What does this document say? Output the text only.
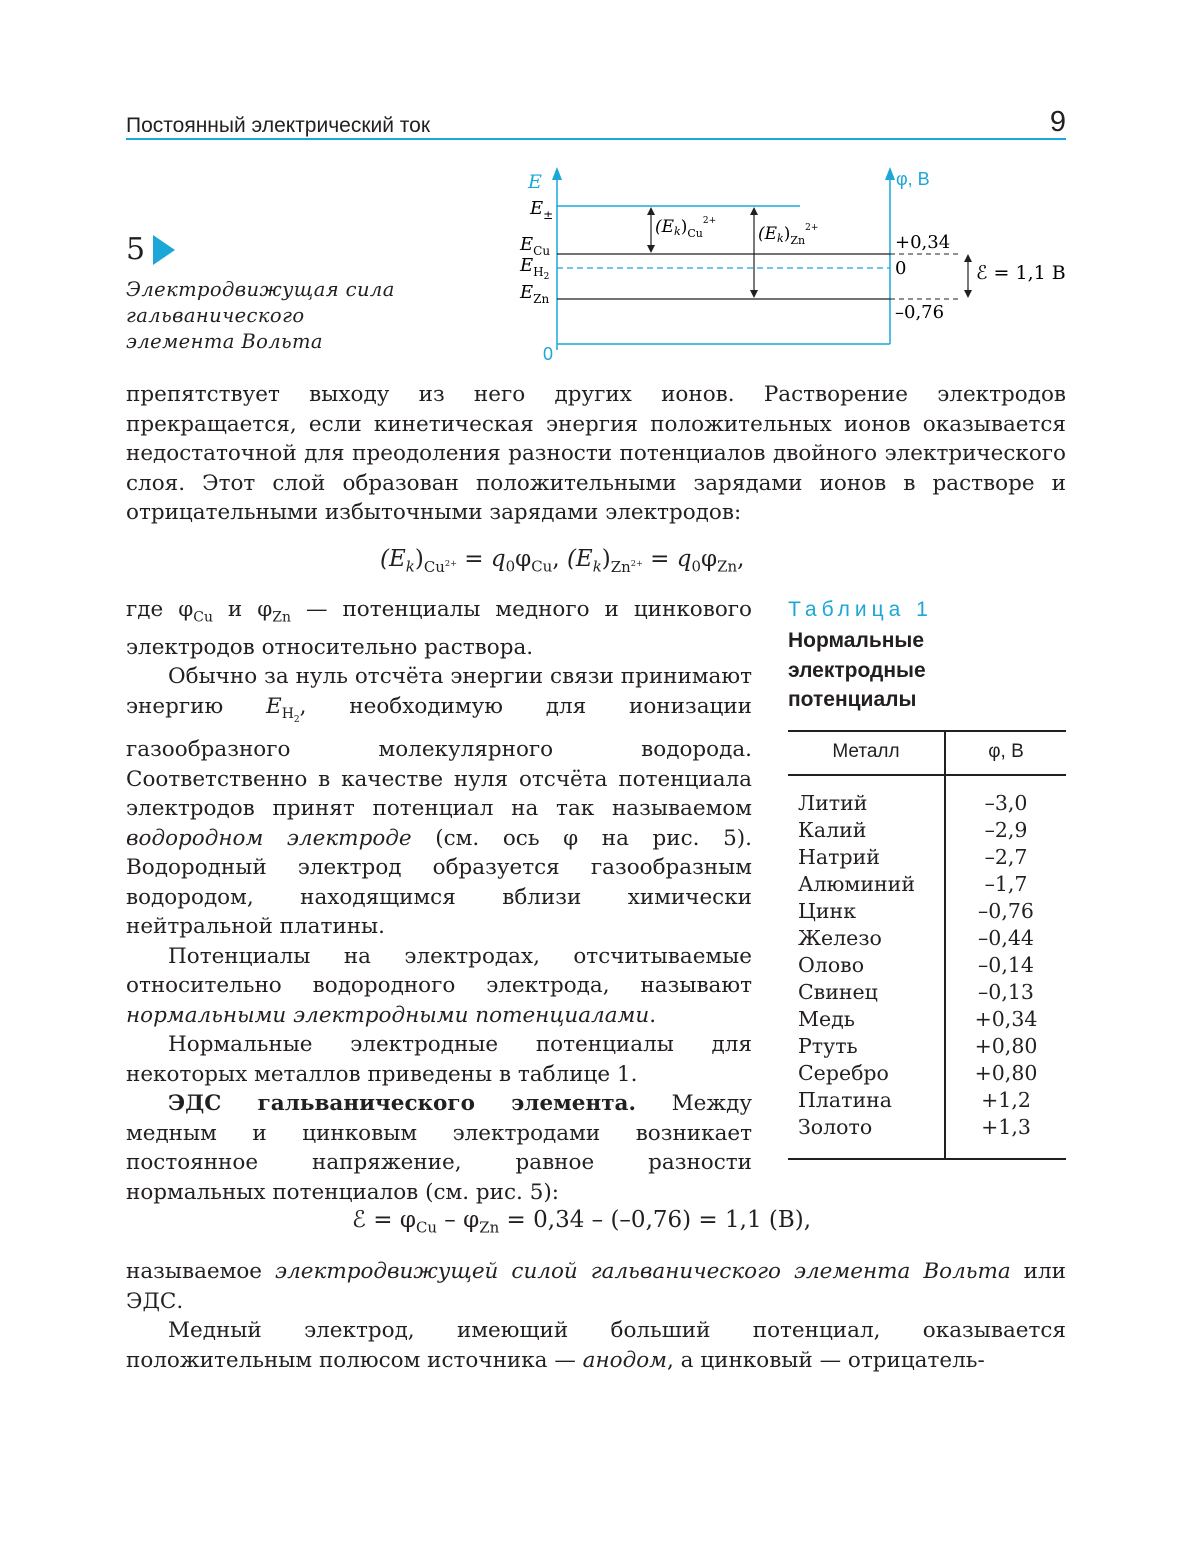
Постоянный электрический ток	9
5
Электродвижущая сила гальванического элемента Вольта
E	φ, В
0
$E_\pm$
$E_{Cu}$
$E_H2$
$E_{Zn}$
$(Ek)_{Cu}^{2+}$
$(Ek)_{Zn}^{2+}$
+0,34
0
–0,76
ℰ = 1,1 В

препятствует выходу из него других ионов. Растворение электродов прекращается, если кинетическая энергия положительных ионов оказывается недостаточной для преодоления разности потенциалов двойного электрического слоя. Этот слой образован положительными зарядами ионов в растворе и отрицательными избыточными зарядами электродов:

$(E_k)_{Cu^{2+}} = q_0\varphi_{Cu}$, $(E_k)_{Zn^{2+}} = q_0\varphi_{Zn}$,

где $\varphi_{Cu}$ и $\varphi_{Zn}$ — потенциалы медного и цинкового электродов относительно раствора.

Обычно за нуль отсчёта энергии связи принимают энергию $E_{H_2}$, необходимую для ионизации газообразного молекулярного водорода. Соответственно в качестве нуля отсчёта потенциала электродов принят потенциал на так называемом водородном электроде (см. ось φ на рис. 5). Водородный электрод образуется газообразным водородом, находящимся вблизи химически нейтральной платины.

Потенциалы на электродах, отсчитываемые относительно водородного электрода, называют нормальными электродными потенциалами.

Нормальные электродные потенциалы для некоторых металлов приведены в таблице 1.

ЭДС гальванического элемента. Между медным и цинковым электродами возникает постоянное напряжение, равное разности нормальных потенциалов (см. рис. 5):

Таблица 1
Нормальные электродные потенциалы
Металл	φ, В
Литий	–3,0
Калий	–2,9
Натрий	–2,7
Алюминий	–1,7
Цинк	–0,76
Железо	–0,44
Олово	–0,14
Свинец	–0,13
Медь	+0,34
Ртуть	+0,80
Серебро	+0,80
Платина	+1,2
Золото	+1,3
ℰ = $\varphi_{Cu} - \varphi_{Zn} = 0,34 - (-0,76) = 1,1$ (В),

называемое электродвижущей силой гальванического элемента Вольта или ЭДС.

Медный электрод, имеющий больший потенциал, оказывается положительным полюсом источника — анодом, а цинковый — отрицатель-
